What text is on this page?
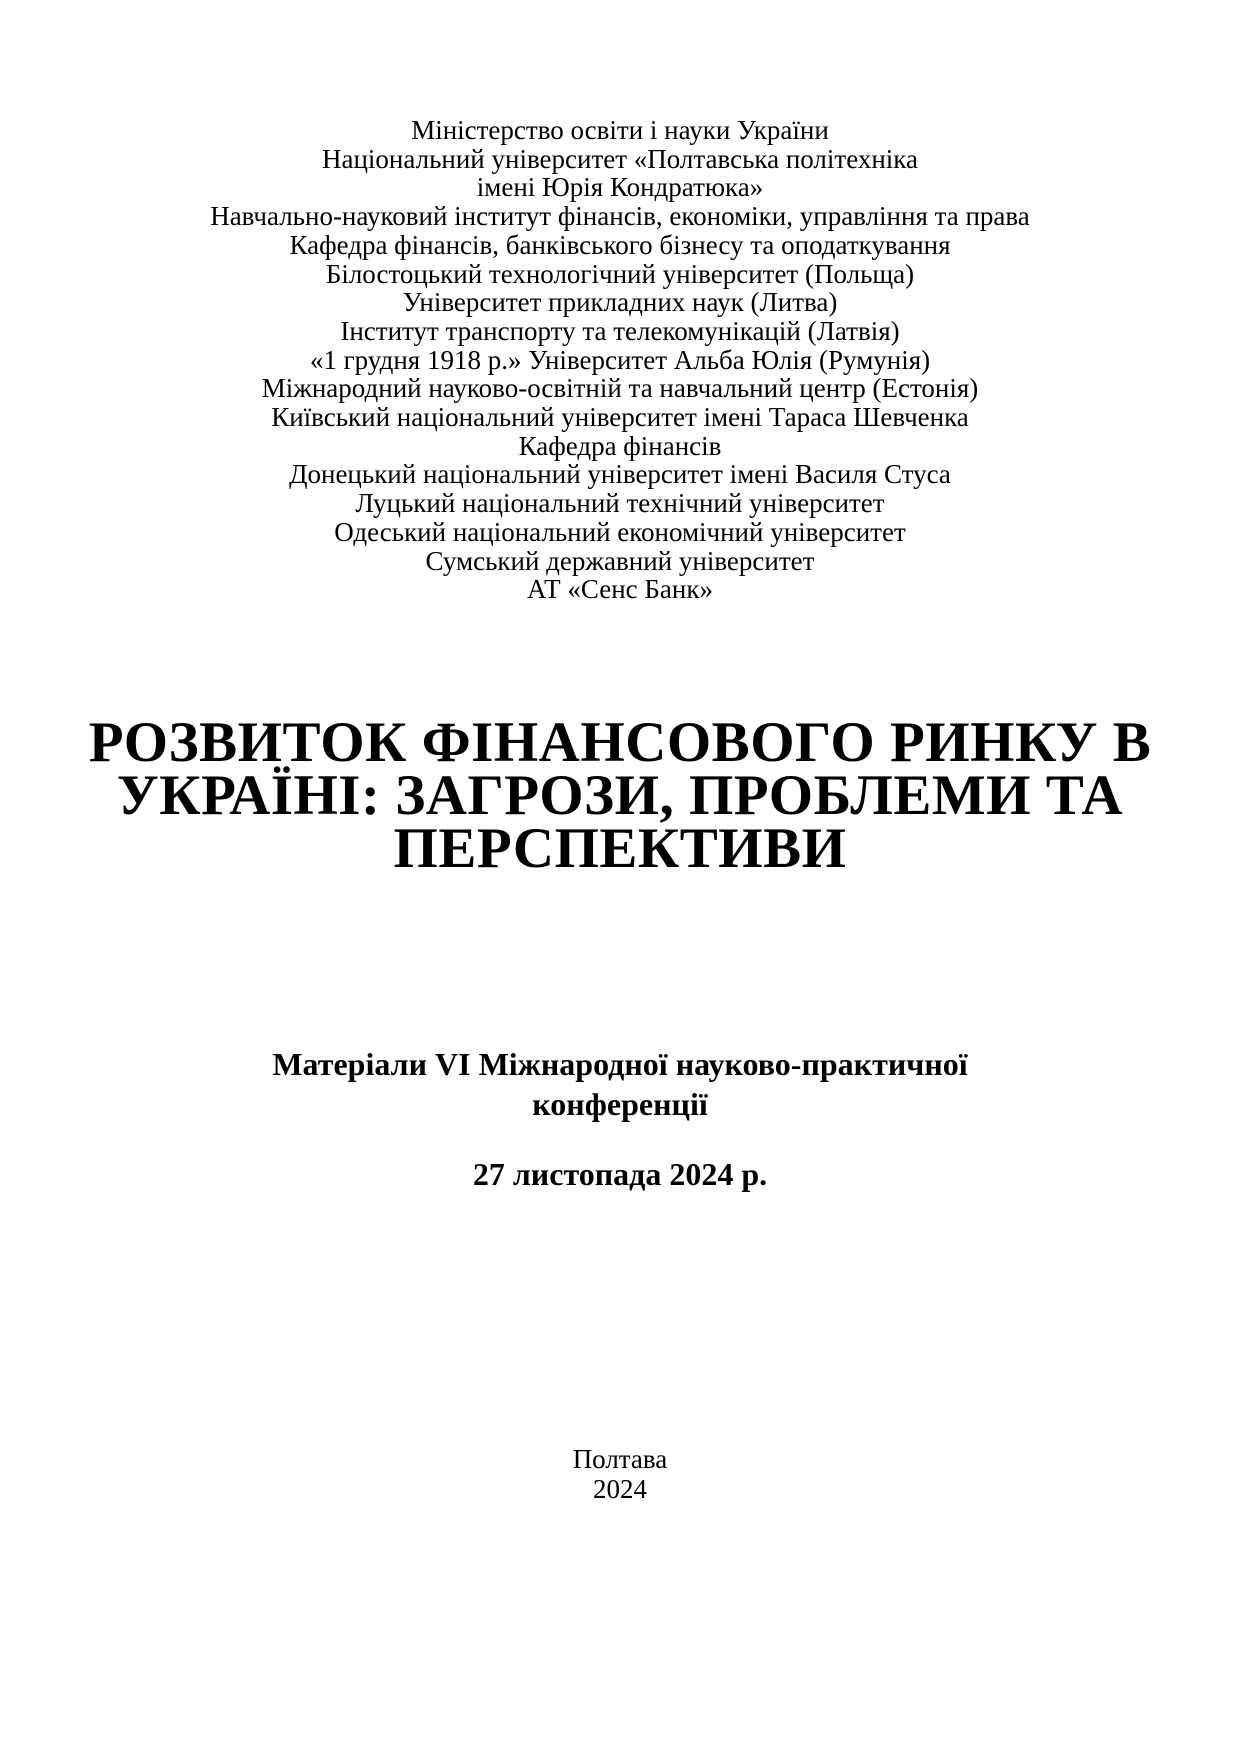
Міністерство освіти і науки України
Національний університет «Полтавська політехніка
імені Юрія Кондратюка»
Навчально-науковий інститут фінансів, економіки, управління та права
Кафедра фінансів, банківського бізнесу та оподаткування
Білостоцький технологічний університет (Польща)
Університет прикладних наук (Литва)
Інститут транспорту та телекомунікацій (Латвія)
«1 грудня 1918 р.» Університет Альба Юлія (Румунія)
Міжнародний науково-освітній та навчальний центр (Естонія)
Київський національний університет імені Тараса Шевченка
Кафедра фінансів
Донецький національний університет імені Василя Стуса
Луцький національний технічний університет
Одеський національний економічний університет
Сумський державний університет
АТ «Сенс Банк»
РОЗВИТОК ФІНАНСОВОГО РИНКУ В
УКРАЇНІ: ЗАГРОЗИ, ПРОБЛЕМИ ТА
ПЕРСПЕКТИВИ
Матеріали VI Міжнародної науково-практичної
конференції
27 листопада 2024 р.
Полтава
2024
